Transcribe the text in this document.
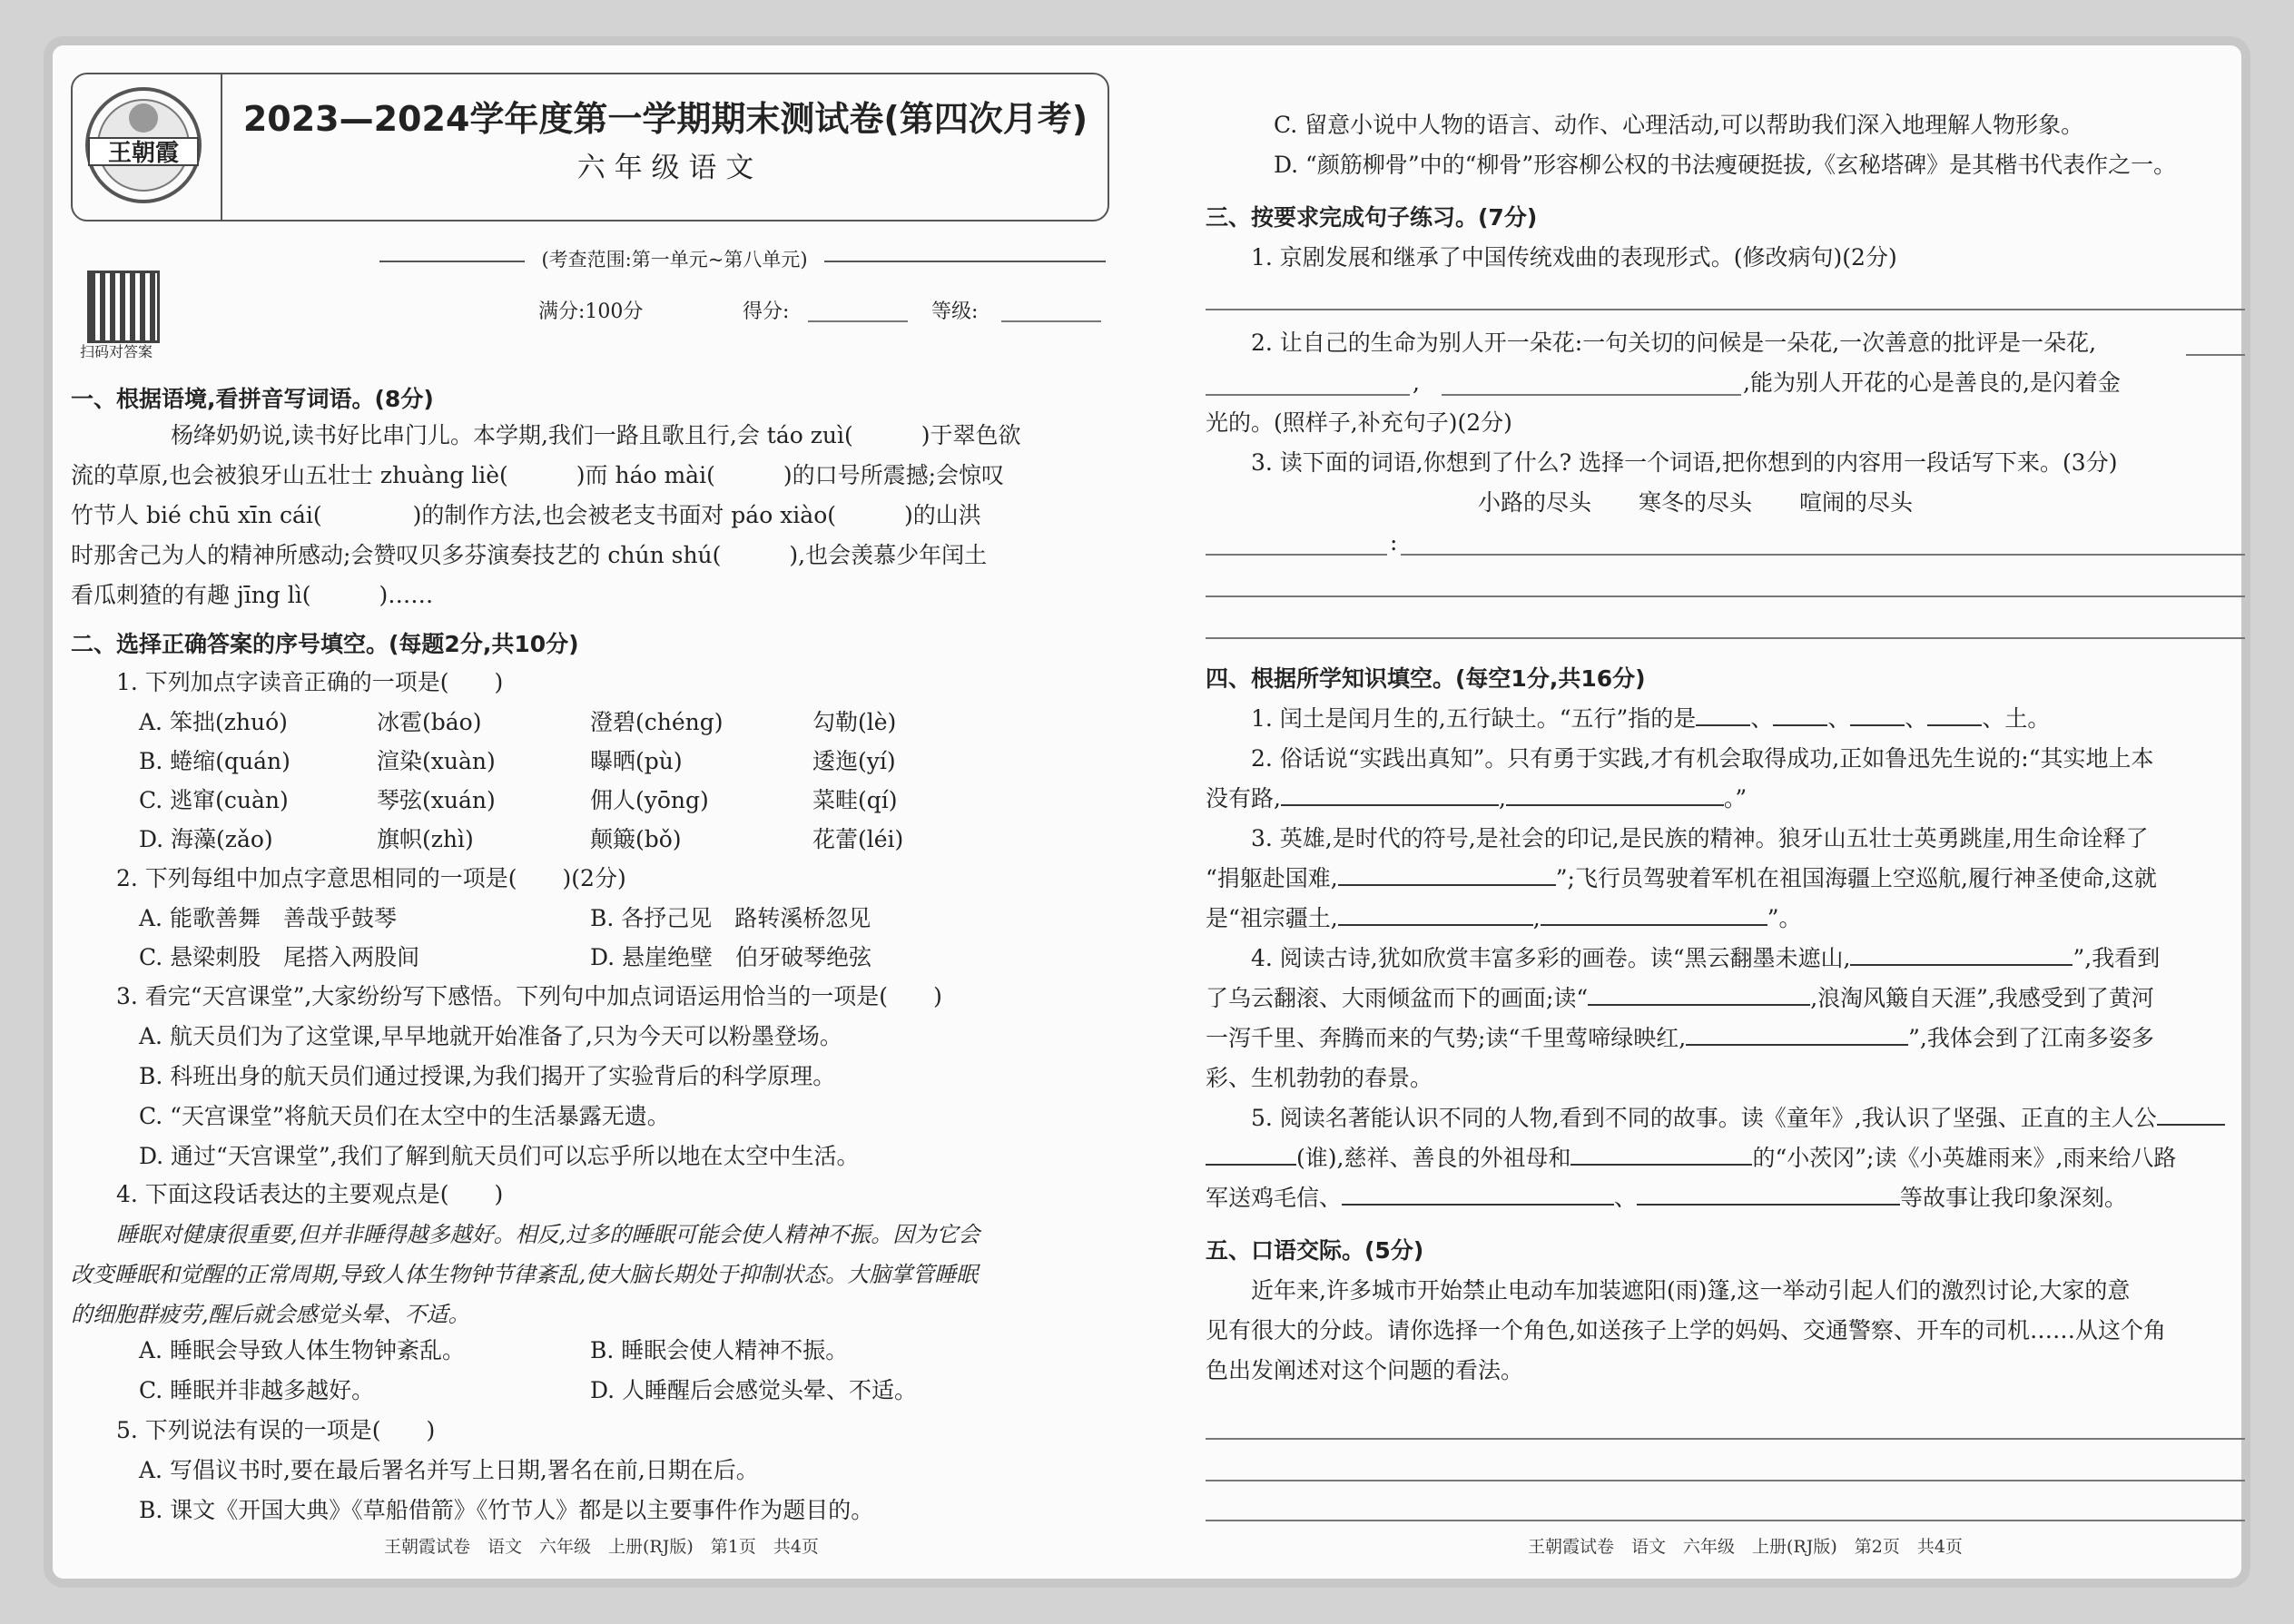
王朝霞
2023—2024学年度第一学期期末测试卷(第四次月考)
六 年 级 语 文
(考查范围:第一单元~第八单元)
扫码对答案
满分:100分	得分:	等级:
一、根据语境,看拼音写词语。(8分)
杨绛奶奶说,读书好比串门儿。本学期,我们一路且歌且行,会 táo zuì(　　　)于翠色欲
流的草原,也会被狼牙山五壮士 zhuàng liè(　　　)而 háo mài(　　　)的口号所震撼;会惊叹
竹节人 bié chū xīn cái(　　　　)的制作方法,也会被老支书面对 páo xiào(　　　)的山洪
时那舍己为人的精神所感动;会赞叹贝多芬演奏技艺的 chún shú(　　　),也会羡慕少年闰土
看瓜刺猹的有趣 jīng lì(　　　)……
二、选择正确答案的序号填空。(每题2分,共10分)
1. 下列加点字读音正确的一项是(　　)
A. 笨拙(zhuó)	冰雹(báo)	澄碧(chéng)	勾勒(lè)
B. 蜷缩(quán)	渲染(xuàn)	曝晒(pù)	逶迤(yí)
C. 逃窜(cuàn)	琴弦(xuán)	佣人(yōng)	菜畦(qí)
D. 海藻(zǎo)	旗帜(zhì)	颠簸(bǒ)	花蕾(léi)
2. 下列每组中加点字意思相同的一项是(　　)(2分)
A. 能歌善舞　善哉乎鼓琴	B. 各抒己见　路转溪桥忽见
C. 悬梁刺股　尾搭入两股间	D. 悬崖绝壁　伯牙破琴绝弦
3. 看完“天宫课堂”,大家纷纷写下感悟。下列句中加点词语运用恰当的一项是(　　)
A. 航天员们为了这堂课,早早地就开始准备了,只为今天可以粉墨登场。
B. 科班出身的航天员们通过授课,为我们揭开了实验背后的科学原理。
C. “天宫课堂”将航天员们在太空中的生活暴露无遗。
D. 通过“天宫课堂”,我们了解到航天员们可以忘乎所以地在太空中生活。
4. 下面这段话表达的主要观点是(　　)
睡眠对健康很重要,但并非睡得越多越好。相反,过多的睡眠可能会使人精神不振。因为它会
改变睡眠和觉醒的正常周期,导致人体生物钟节律紊乱,使大脑长期处于抑制状态。大脑掌管睡眠
的细胞群疲劳,醒后就会感觉头晕、不适。
A. 睡眠会导致人体生物钟紊乱。	B. 睡眠会使人精神不振。
C. 睡眠并非越多越好。	D. 人睡醒后会感觉头晕、不适。
5. 下列说法有误的一项是(　　)
A. 写倡议书时,要在最后署名并写上日期,署名在前,日期在后。
B. 课文《开国大典》《草船借箭》《竹节人》都是以主要事件作为题目的。
王朝霞试卷　语文　六年级　上册(RJ版)　第1页　共4页
C. 留意小说中人物的语言、动作、心理活动,可以帮助我们深入地理解人物形象。
D. “颜筋柳骨”中的“柳骨”形容柳公权的书法瘦硬挺拔,《玄秘塔碑》是其楷书代表作之一。
三、按要求完成句子练习。(7分)
1. 京剧发展和继承了中国传统戏曲的表现形式。(修改病句)(2分)
2. 让自己的生命为别人开一朵花:一句关切的问候是一朵花,一次善意的批评是一朵花,
,	,能为别人开花的心是善良的,是闪着金
光的。(照样子,补充句子)(2分)
3. 读下面的词语,你想到了什么? 选择一个词语,把你想到的内容用一段话写下来。(3分)
小路的尽头 寒冬的尽头 喧闹的尽头
:
四、根据所学知识填空。(每空1分,共16分)
1. 闰土是闰月生的,五行缺土。“五行”指的是 、 、 、 、土。
2. 俗话说“实践出真知”。只有勇于实践,才有机会取得成功,正如鲁迅先生说的:“其实地上本
没有路,	,	。”
3. 英雄,是时代的符号,是社会的印记,是民族的精神。狼牙山五壮士英勇跳崖,用生命诠释了
“捐躯赴国难,	”;飞行员驾驶着军机在祖国海疆上空巡航,履行神圣使命,这就
是“祖宗疆土,	,	”。
4. 阅读古诗,犹如欣赏丰富多彩的画卷。读“黑云翻墨未遮山,	”,我看到
了乌云翻滚、大雨倾盆而下的画面;读“	,浪淘风簸自天涯”,我感受到了黄河
一泻千里、奔腾而来的气势;读“千里莺啼绿映红,	”,我体会到了江南多姿多
彩、生机勃勃的春景。
5. 阅读名著能认识不同的人物,看到不同的故事。读《童年》,我认识了坚强、正直的主人公
(谁),慈祥、善良的外祖母和	的“小茨冈”;读《小英雄雨来》,雨来给八路
军送鸡毛信、	、	等故事让我印象深刻。
五、口语交际。(5分)
近年来,许多城市开始禁止电动车加装遮阳(雨)篷,这一举动引起人们的激烈讨论,大家的意
见有很大的分歧。请你选择一个角色,如送孩子上学的妈妈、交通警察、开车的司机……从这个角
色出发阐述对这个问题的看法。
王朝霞试卷　语文　六年级　上册(RJ版)　第2页　共4页
